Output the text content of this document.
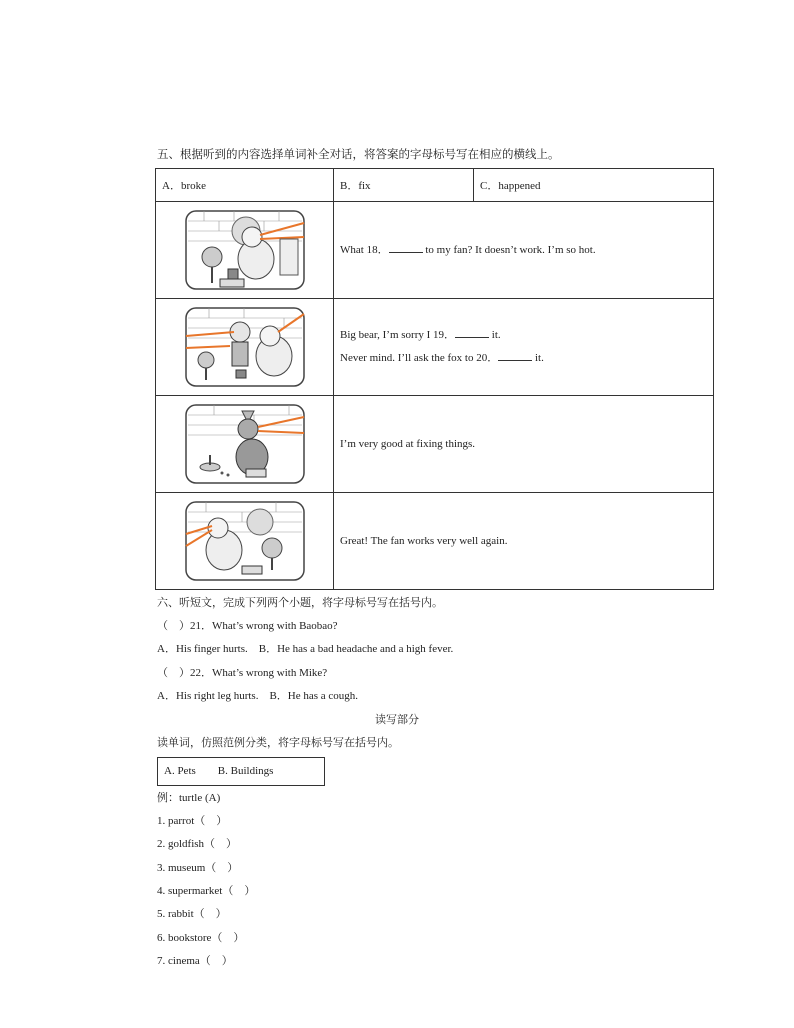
五、根据听到的内容选择单词补全对话，将答案的字母标号写在相应的横线上。
A．broke	B．fix	C．happened

What 18． to my fan? It doesn’t work. I’m so hot.	

Big bear, I’m sorry I 19． it.
Never mind. I’ll ask the fox to 20． it.	

I’m very good at fixing things.	

Great! The fan works very well again.	
六、听短文，完成下列两个小题，将字母标号写在括号内。
（　）21．What’s wrong with Baobao?
A．His finger hurts.　B．He has a bad headache and a high fever.
（　）22．What’s wrong with Mike?
A．His right leg hurts.　B．He has a cough.
读写部分
读单词，仿照范例分类，将字母标号写在括号内。
A. Pets　　B. Buildings
例：turtle (A)
1. parrot（　）
2. goldfish（　）
3. museum（　）
4. supermarket（　）
5. rabbit（　）
6. bookstore（　）
7. cinema（　）
